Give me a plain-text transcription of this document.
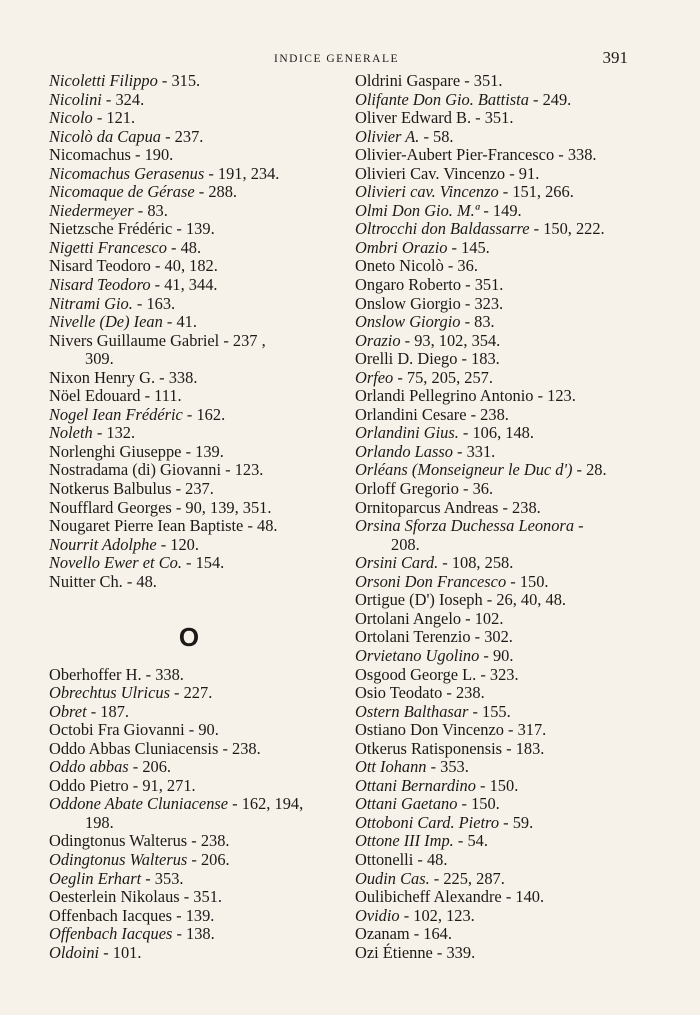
INDICE GENERALE	391
Nicoletti Filippo - 315.
Nicolini - 324.
Nicolo - 121.
Nicolò da Capua - 237.
Nicomachus - 190.
Nicomachus Gerasenus - 191, 234.
Nicomaque de Gérase - 288.
Niedermeyer - 83.
Nietzsche Frédéric - 139.
Nigetti Francesco - 48.
Nisard Teodoro - 40, 182.
Nisard Teodoro - 41, 344.
Nitrami Gio. - 163.
Nivelle (De) Iean - 41.
Nivers Guillaume Gabriel - 237 ,
309.
Nixon Henry G. - 338.
Nöel Edouard - 111.
Nogel Iean Frédéric - 162.
Noleth - 132.
Norlenghi Giuseppe - 139.
Nostradama (di) Giovanni - 123.
Notkerus Balbulus - 237.
Noufflard Georges - 90, 139, 351.
Nougaret Pierre Iean Baptiste - 48.
Nourrit Adolphe - 120.
Novello Ewer et Co. - 154.
Nuitter Ch. - 48.
O
Oberhoffer H. - 338.
Obrechtus Ulricus - 227.
Obret - 187.
Octobi Fra Giovanni - 90.
Oddo Abbas Cluniacensis - 238.
Oddo abbas - 206.
Oddo Pietro - 91, 271.
Oddone Abate Cluniacense - 162, 194,
198.
Odingtonus Walterus - 238.
Odingtonus Walterus - 206.
Oeglin Erhart - 353.
Oesterlein Nikolaus - 351.
Offenbach Iacques - 139.
Offenbach Iacques - 138.
Oldoini - 101.
Oldrini Gaspare - 351.
Olifante Don Gio. Battista - 249.
Oliver Edward B. - 351.
Olivier A. - 58.
Olivier-Aubert Pier-Francesco - 338.
Olivieri Cav. Vincenzo - 91.
Olivieri cav. Vincenzo - 151, 266.
Olmi Don Gio. M.ª - 149.
Oltrocchi don Baldassarre - 150, 222.
Ombri Orazio - 145.
Oneto Nicolò - 36.
Ongaro Roberto - 351.
Onslow Giorgio - 323.
Onslow Giorgio - 83.
Orazio - 93, 102, 354.
Orelli D. Diego - 183.
Orfeo - 75, 205, 257.
Orlandi Pellegrino Antonio - 123.
Orlandini Cesare - 238.
Orlandini Gius. - 106, 148.
Orlando Lasso - 331.
Orléans (Monseigneur le Duc d') - 28.
Orloff Gregorio - 36.
Ornitoparcus Andreas - 238.
Orsina Sforza Duchessa Leonora -
208.
Orsini Card. - 108, 258.
Orsoni Don Francesco - 150.
Ortigue (D') Ioseph - 26, 40, 48.
Ortolani Angelo - 102.
Ortolani Terenzio - 302.
Orvietano Ugolino - 90.
Osgood George L. - 323.
Osio Teodato - 238.
Ostern Balthasar - 155.
Ostiano Don Vincenzo - 317.
Otkerus Ratisponensis - 183.
Ott Iohann - 353.
Ottani Bernardino - 150.
Ottani Gaetano - 150.
Ottoboni Card. Pietro - 59.
Ottone III Imp. - 54.
Ottonelli - 48.
Oudin Cas. - 225, 287.
Oulibicheff Alexandre - 140.
Ovidio - 102, 123.
Ozanam - 164.
Ozi Étienne - 339.
